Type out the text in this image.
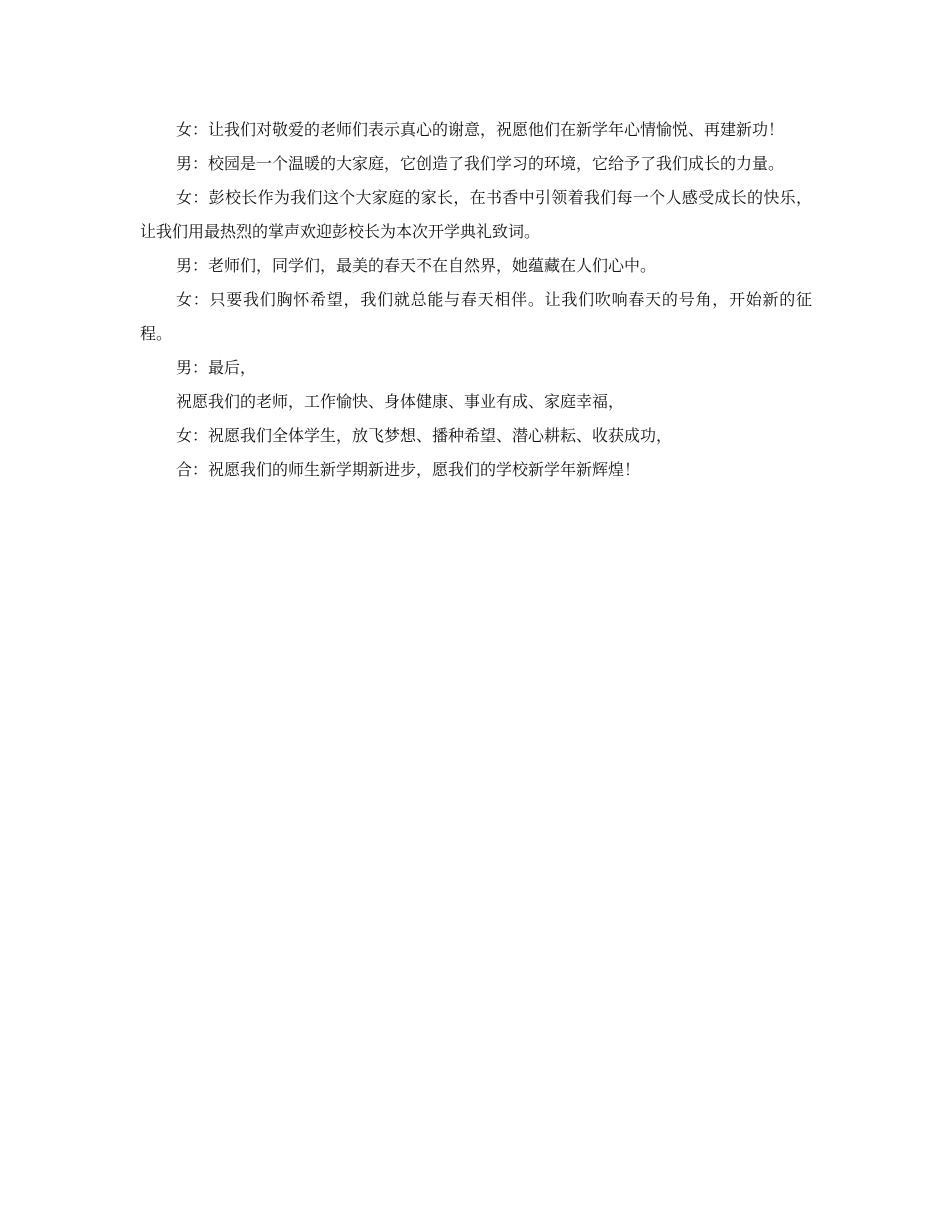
女：让我们对敬爱的老师们表示真心的谢意，祝愿他们在新学年心情愉悦、再建新功！

男：校园是一个温暖的大家庭，它创造了我们学习的环境，它给予了我们成长的力量。

女：彭校长作为我们这个大家庭的家长，在书香中引领着我们每一个人感受成长的快乐，让我们用最热烈的掌声欢迎彭校长为本次开学典礼致词。

男：老师们，同学们，最美的春天不在自然界，她蕴藏在人们心中。

女：只要我们胸怀希望，我们就总能与春天相伴。让我们吹响春天的号角，开始新的征程。

男：最后，

祝愿我们的老师，工作愉快、身体健康、事业有成、家庭幸福，

女：祝愿我们全体学生，放飞梦想、播种希望、潜心耕耘、收获成功，

合：祝愿我们的师生新学期新进步，愿我们的学校新学年新辉煌！
